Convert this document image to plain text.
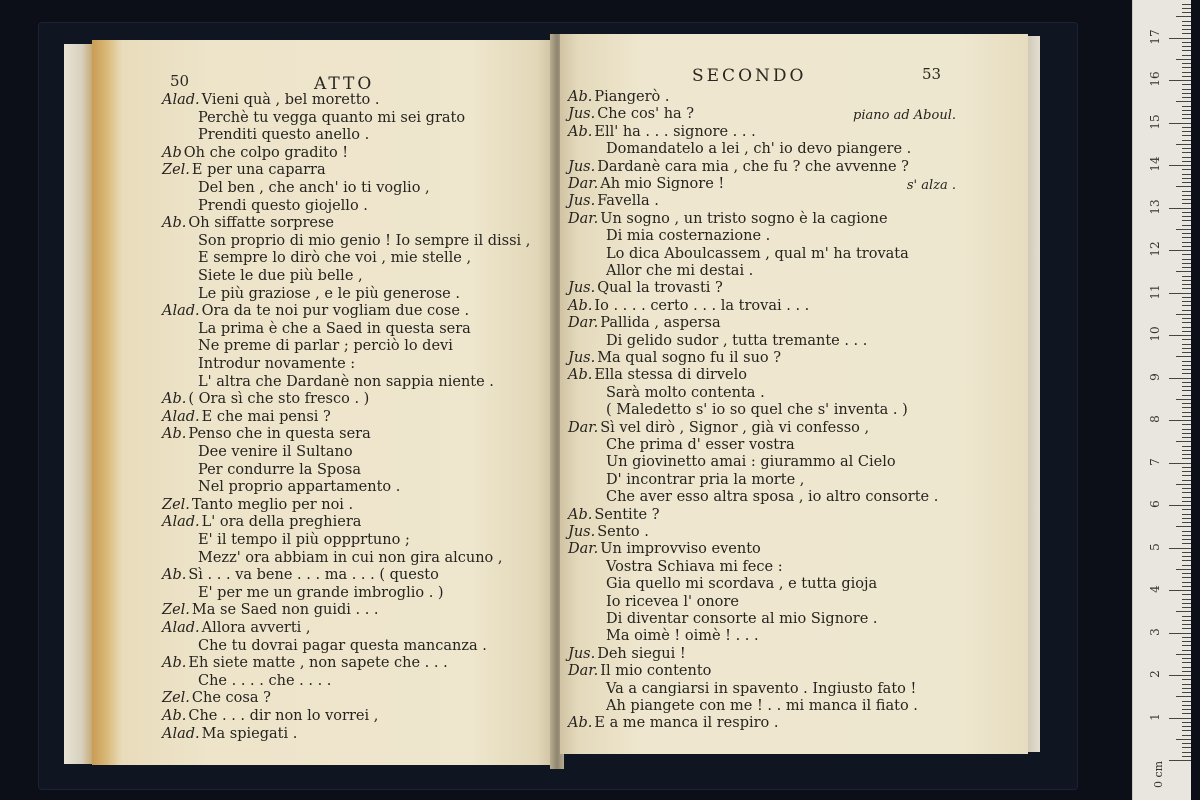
50	ATTO
Alad. Vieni quà , bel moretto .
Perchè tu vegga quanto mi sei grato
Prenditi questo anello .
Ab Oh che colpo gradito !
Zel. E per una caparra
Del ben , che anch' io ti voglio ,
Prendi questo giojello .
Ab. Oh siffatte sorprese
Son proprio di mio genio ! Io sempre il dissi ,
E sempre lo dirò che voi , mie stelle ,
Siete le due più belle ,
Le più graziose , e le più generose .
Alad. Ora da te noi pur vogliam due cose .
La prima è che a Saed in questa sera
Ne preme di parlar ; perciò lo devi
Introdur novamente :
L' altra che Dardanè non sappia niente .
Ab. ( Ora sì che sto fresco . )
Alad. E che mai pensi ?
Ab. Penso che in questa sera
Dee venire il Sultano
Per condurre la Sposa
Nel proprio appartamento .
Zel. Tanto meglio per noi .
Alad. L' ora della preghiera
E' il tempo il più oppprtuno ;
Mezz' ora abbiam in cui non gira alcuno ,
Ab. Sì . . . va bene . . . ma . . . ( questo
E' per me un grande imbroglio . )
Zel. Ma se Saed non guidi . . .
Alad. Allora avverti ,
Che tu dovrai pagar questa mancanza .
Ab. Eh siete matte , non sapete che . . .
Che . . . . che . . . .
Zel. Che cosa ?
Ab. Che . . . dir non lo vorrei ,
Alad. Ma spiegati .
SECONDO	53
Ab. Piangerò .
Jus. Che cos' ha ?	piano ad Aboul.
Ab. Ell' ha . . . signore . . .
Domandatelo a lei , ch' io devo piangere .
Jus. Dardanè cara mia , che fu ? che avvenne ?
Dar. Ah mio Signore !	s' alza .
Jus. Favella .
Dar. Un sogno , un tristo sogno è la cagione
Di mia costernazione .
Lo dica Aboulcassem , qual m' ha trovata
Allor che mi destai .
Jus. Qual la trovasti ?
Ab. Io . . . . certo . . . la trovai . . .
Dar. Pallida , aspersa
Di gelido sudor , tutta tremante . . .
Jus. Ma qual sogno fu il suo ?
Ab. Ella stessa di dirvelo
Sarà molto contenta .
( Maledetto s' io so quel che s' inventa . )
Dar. Sì vel dirò , Signor , già vi confesso ,
Che prima d' esser vostra
Un giovinetto amai : giurammo al Cielo
D' incontrar pria la morte ,
Che aver esso altra sposa , io altro consorte .
Ab. Sentite ?
Jus. Sento .
Dar. Un improvviso evento
Vostra Schiava mi fece :
Gia quello mi scordava , e tutta gioja
Io ricevea l' onore
Di diventar consorte al mio Signore .
Ma oimè ! oimè ! . . .
Jus. Deh siegui !
Dar. Il mio contento
Va a cangiarsi in spavento . Ingiusto fato !
Ah piangete con me ! . . mi manca il fiato .
Ab. E a me manca il respiro .
0 cm
1
2
3
4
5
6
7
8
9
10
11
12
13
14
15
16
17
